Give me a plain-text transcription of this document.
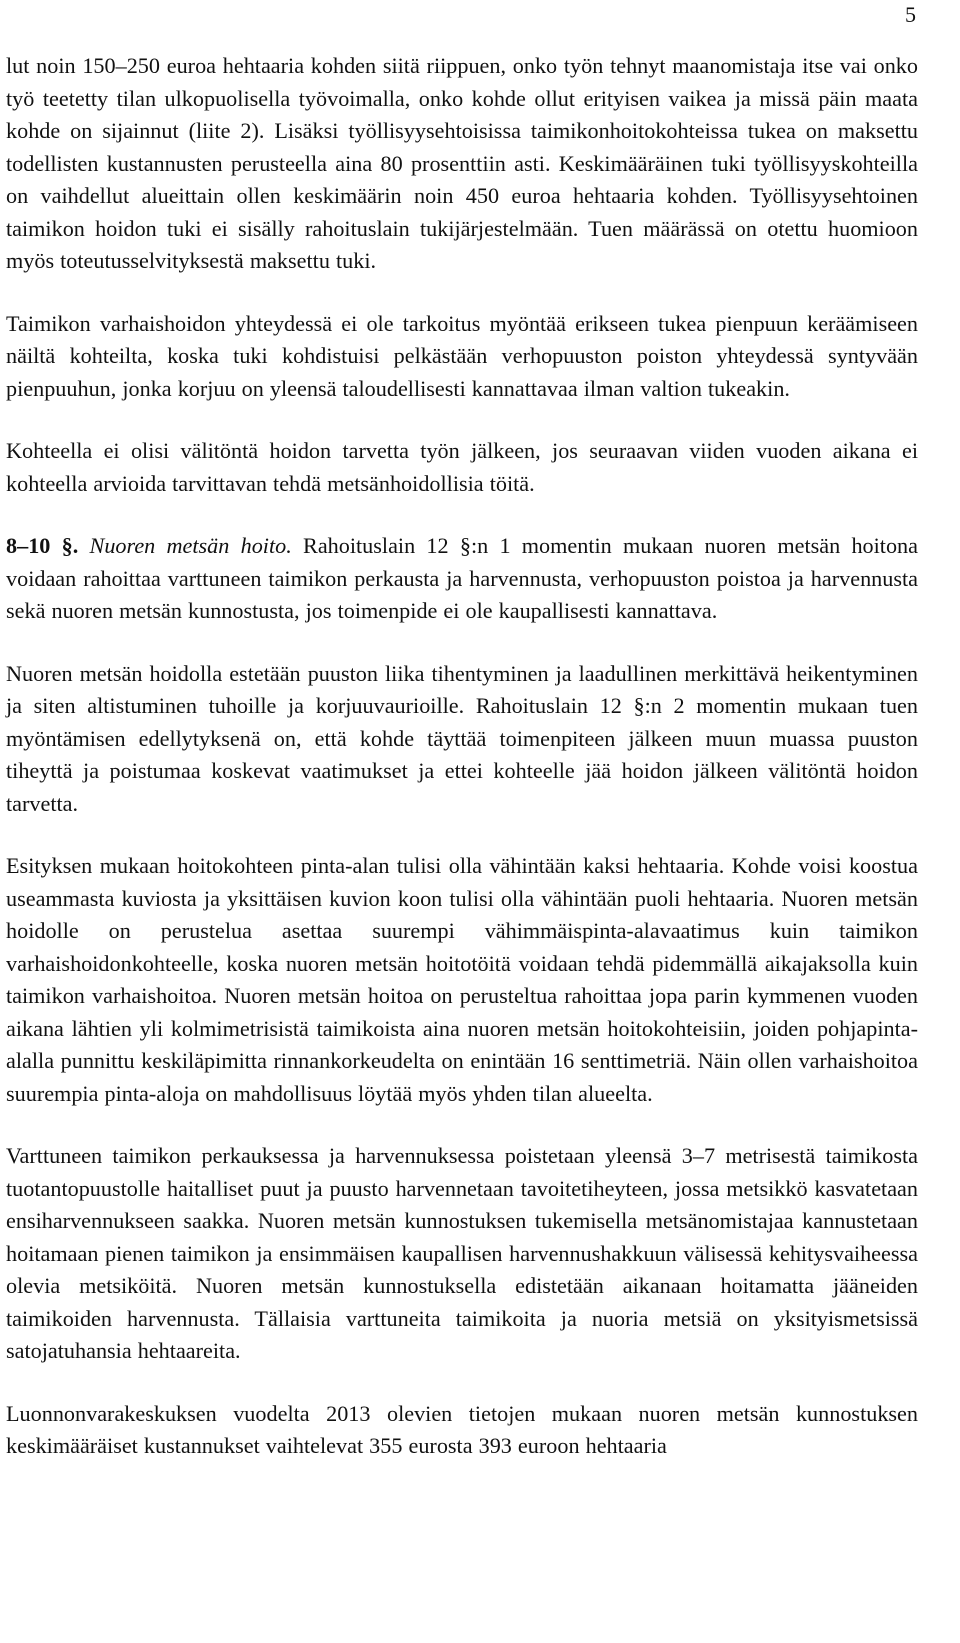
5

lut noin 150–250 euroa hehtaaria kohden siitä riippuen, onko työn tehnyt maanomistaja itse vai onko työ teetetty tilan ulkopuolisella työvoimalla, onko kohde ollut erityisen vaikea ja missä päin maata kohde on sijainnut (liite 2). Lisäksi työllisyysehtoisissa taimikonhoitokohteissa tukea on maksettu todellisten kustannusten perusteella aina 80 prosenttiin asti. Keskimääräinen tuki työllisyyskohteilla on vaihdellut alueittain ollen keskimäärin noin 450 euroa hehtaaria kohden. Työllisyysehtoinen taimikon hoidon tuki ei sisälly rahoituslain tukijärjestelmään. Tuen määrässä on otettu huomioon myös toteutusselvityksestä maksettu tuki.

Taimikon varhaishoidon yhteydessä ei ole tarkoitus myöntää erikseen tukea pienpuun keräämiseen näiltä kohteilta, koska tuki kohdistuisi pelkästään verhopuuston poiston yhteydessä syntyvään pienpuuhun, jonka korjuu on yleensä taloudellisesti kannattavaa ilman valtion tukeakin.

Kohteella ei olisi välitöntä hoidon tarvetta työn jälkeen, jos seuraavan viiden vuoden aikana ei kohteella arvioida tarvittavan tehdä metsänhoidollisia töitä.

8–10 §. Nuoren metsän hoito. Rahoituslain 12 §:n 1 momentin mukaan nuoren metsän hoitona voidaan rahoittaa varttuneen taimikon perkausta ja harvennusta, verhopuuston poistoa ja harvennusta sekä nuoren metsän kunnostusta, jos toimenpide ei ole kaupallisesti kannattava.

Nuoren metsän hoidolla estetään puuston liika tihentyminen ja laadullinen merkittävä heikentyminen ja siten altistuminen tuhoille ja korjuuvaurioille. Rahoituslain 12 §:n 2 momentin mukaan tuen myöntämisen edellytyksenä on, että kohde täyttää toimenpiteen jälkeen muun muassa puuston tiheyttä ja poistumaa koskevat vaatimukset ja ettei kohteelle jää hoidon jälkeen välitöntä hoidon tarvetta.

Esityksen mukaan hoitokohteen pinta-alan tulisi olla vähintään kaksi hehtaaria. Kohde voisi koostua useammasta kuviosta ja yksittäisen kuvion koon tulisi olla vähintään puoli hehtaaria. Nuoren metsän hoidolle on perustelua asettaa suurempi vähimmäispinta-alavaatimus kuin taimikon varhaishoidonkohteelle, koska nuoren metsän hoitotöitä voidaan tehdä pidemmällä aikajaksolla kuin taimikon varhaishoitoa. Nuoren metsän hoitoa on perusteltua rahoittaa jopa parin kymmenen vuoden aikana lähtien yli kolmimetrisistä taimikoista aina nuoren metsän hoitokohteisiin, joiden pohjapinta-alalla punnittu keskiläpimitta rinnankorkeudelta on enintään 16 senttimetriä. Näin ollen varhaishoitoa suurempia pinta-aloja on mahdollisuus löytää myös yhden tilan alueelta.

Varttuneen taimikon perkauksessa ja harvennuksessa poistetaan yleensä 3–7 metrisestä taimikosta tuotantopuustolle haitalliset puut ja puusto harvennetaan tavoitetiheyteen, jossa metsikkö kasvatetaan ensiharvennukseen saakka. Nuoren metsän kunnostuksen tukemisella metsänomistajaa kannustetaan hoitamaan pienen taimikon ja ensimmäisen kaupallisen harvennushakkuun välisessä kehitysvaiheessa olevia metsiköitä. Nuoren metsän kunnostuksella edistetään aikanaan hoitamatta jääneiden taimikoiden harvennusta. Tällaisia varttuneita taimikoita ja nuoria metsiä on yksityismetsissä satojatuhansia hehtaareita.

Luonnonvarakeskuksen vuodelta 2013 olevien tietojen mukaan nuoren metsän kunnostuksen keskimääräiset kustannukset vaihtelevat 355 eurosta 393 euroon hehtaaria
